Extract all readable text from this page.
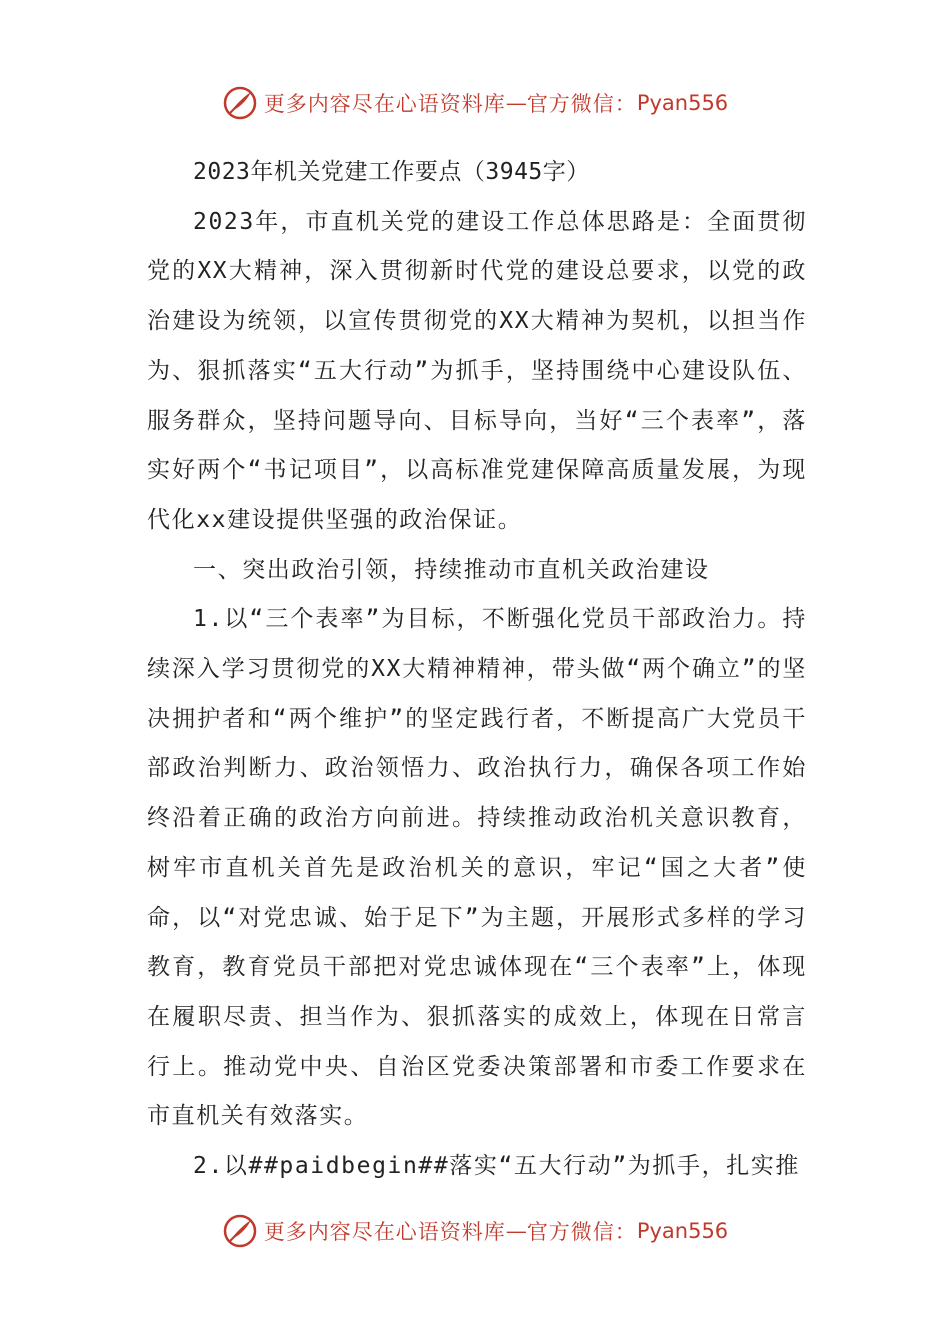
更多内容尽在心语资料库 — 官方微信： Pyan556

2023年机关党建工作要点（3945字）

2023年，市直机关党的建设工作总体思路是：全面贯彻党的XX大精神，深入贯彻新时代党的建设总要求，以党的政治建设为统领，以宣传贯彻党的XX大精神为契机，以担当作为、狠抓落实“五大行动”为抓手，坚持围绕中心建设队伍、服务群众，坚持问题导向、目标导向，当好“三个表率”，落实好两个“书记项目”，以高标准党建保障高质量发展，为现代化xx建设提供坚强的政治保证。

一、突出政治引领，持续推动市直机关政治建设

1.以“三个表率”为目标，不断强化党员干部政治力。持续深入学习贯彻党的XX大精神精神，带头做“两个确立”的坚决拥护者和“两个维护”的坚定践行者，不断提高广大党员干部政治判断力、政治领悟力、政治执行力，确保各项工作始终沿着正确的政治方向前进。持续推动政治机关意识教育，树牢市直机关首先是政治机关的意识，牢记“国之大者”使命，以“对党忠诚、始于足下”为主题，开展形式多样的学习教育，教育党员干部把对党忠诚体现在“三个表率”上，体现在履职尽责、担当作为、狠抓落实的成效上，体现在日常言行上。推动党中央、自治区党委决策部署和市委工作要求在市直机关有效落实。

2.以##paidbegin##落实“五大行动”为抓手，扎实推

更多内容尽在心语资料库 — 官方微信： Pyan556
